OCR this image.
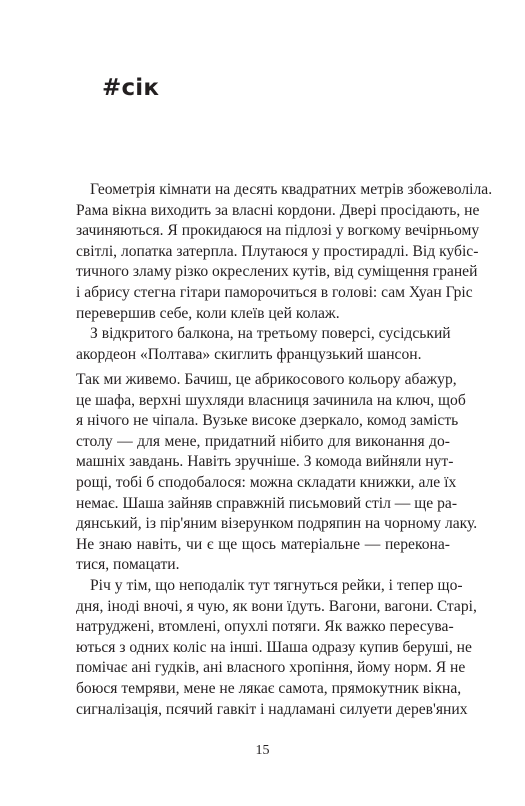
#сік
Геометрія кімнати на десять квадратних метрів збожеволіла.
Рама вікна виходить за власні кордони. Двері просідають, не
зачиняються. Я прокидаюся на підлозі у вогкому вечірньому
світлі, лопатка затерпла. Плутаюся у простирадлі. Від кубіс-
тичного зламу різко окреслених кутів, від суміщення граней
і абрису стегна гітари паморочиться в голові: сам Хуан Гріс
перевершив себе, коли клеїв цей колаж.
З відкритого балкона, на третьому поверсі, сусідський
акордеон «Полтава» скиглить французький шансон.
Так ми живемо. Бачиш, це абрикосового кольору абажур,
це шафа, верхні шухляди власниця зачинила на ключ, щоб
я нічого не чіпала. Вузьке високе дзеркало, комод замість
столу — для мене, придатний нібито для виконання до-
машніх завдань. Навіть зручніше. З комода вийняли нут-
рощі, тобі б сподобалося: можна складати книжки, але їх
немає. Шаша зайняв справжній письмовий стіл — ще ра-
дянський, із пір'яним візерунком подряпин на чорному лаку.
Не знаю навіть, чи є ще щось матеріальне — переконa-
тися, помацати.
Річ у тім, що неподалік тут тягнуться рейки, і тепер що-
дня, іноді вночі, я чую, як вони їдуть. Вагони, вагони. Старі,
натруджені, втомлені, опухлі потяги. Як важко пересува-
ються з одних коліс на інші. Шаша одразу купив беруші, не
помічає ані гудків, ані власного хропіння, йому норм. Я не
боюся темряви, мене не лякає самота, прямокутник вікна,
сигналізація, псячий гавкіт і надламані силуети дерев'яних
15
